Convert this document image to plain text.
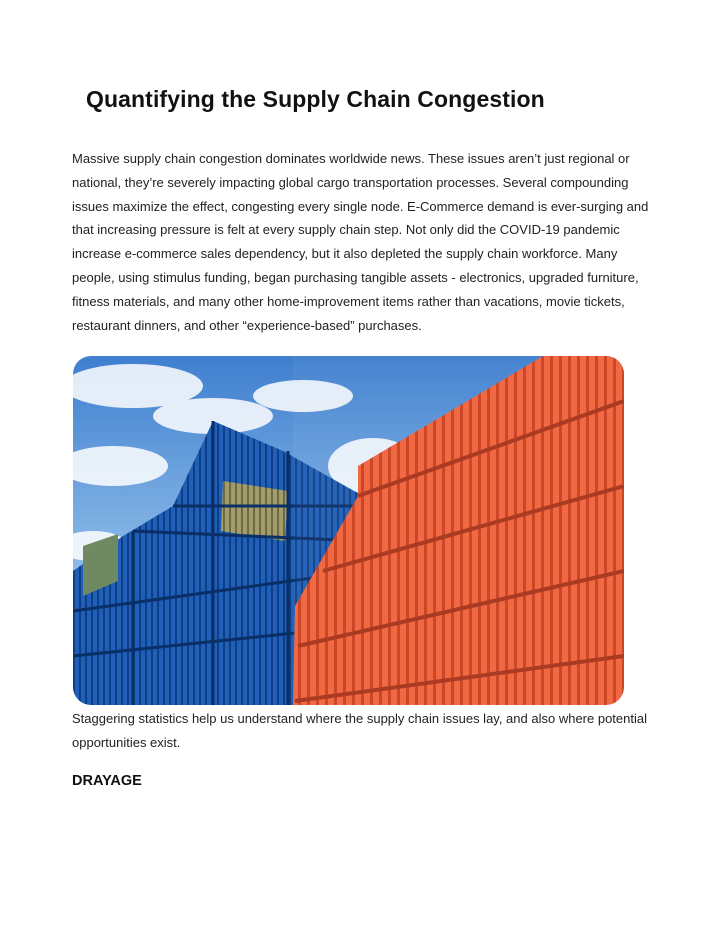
Quantifying the Supply Chain Congestion

Massive supply chain congestion dominates worldwide news. These issues aren’t just regional or national, they’re severely impacting global cargo transportation processes. Several compounding issues maximize the effect, congesting every single node. E-Commerce demand is ever-surging and that increasing pressure is felt at every supply chain step. Not only did the COVID-19 pandemic increase e-commerce sales dependency, but it also depleted the supply chain workforce. Many people, using stimulus funding, began purchasing tangible assets - electronics, upgraded furniture, fitness materials, and many other home-improvement items rather than vacations, movie tickets, restaurant dinners, and other “experience-based” purchases.

Staggering statistics help us understand where the supply chain issues lay, and also where potential opportunities exist.

DRAYAGE
